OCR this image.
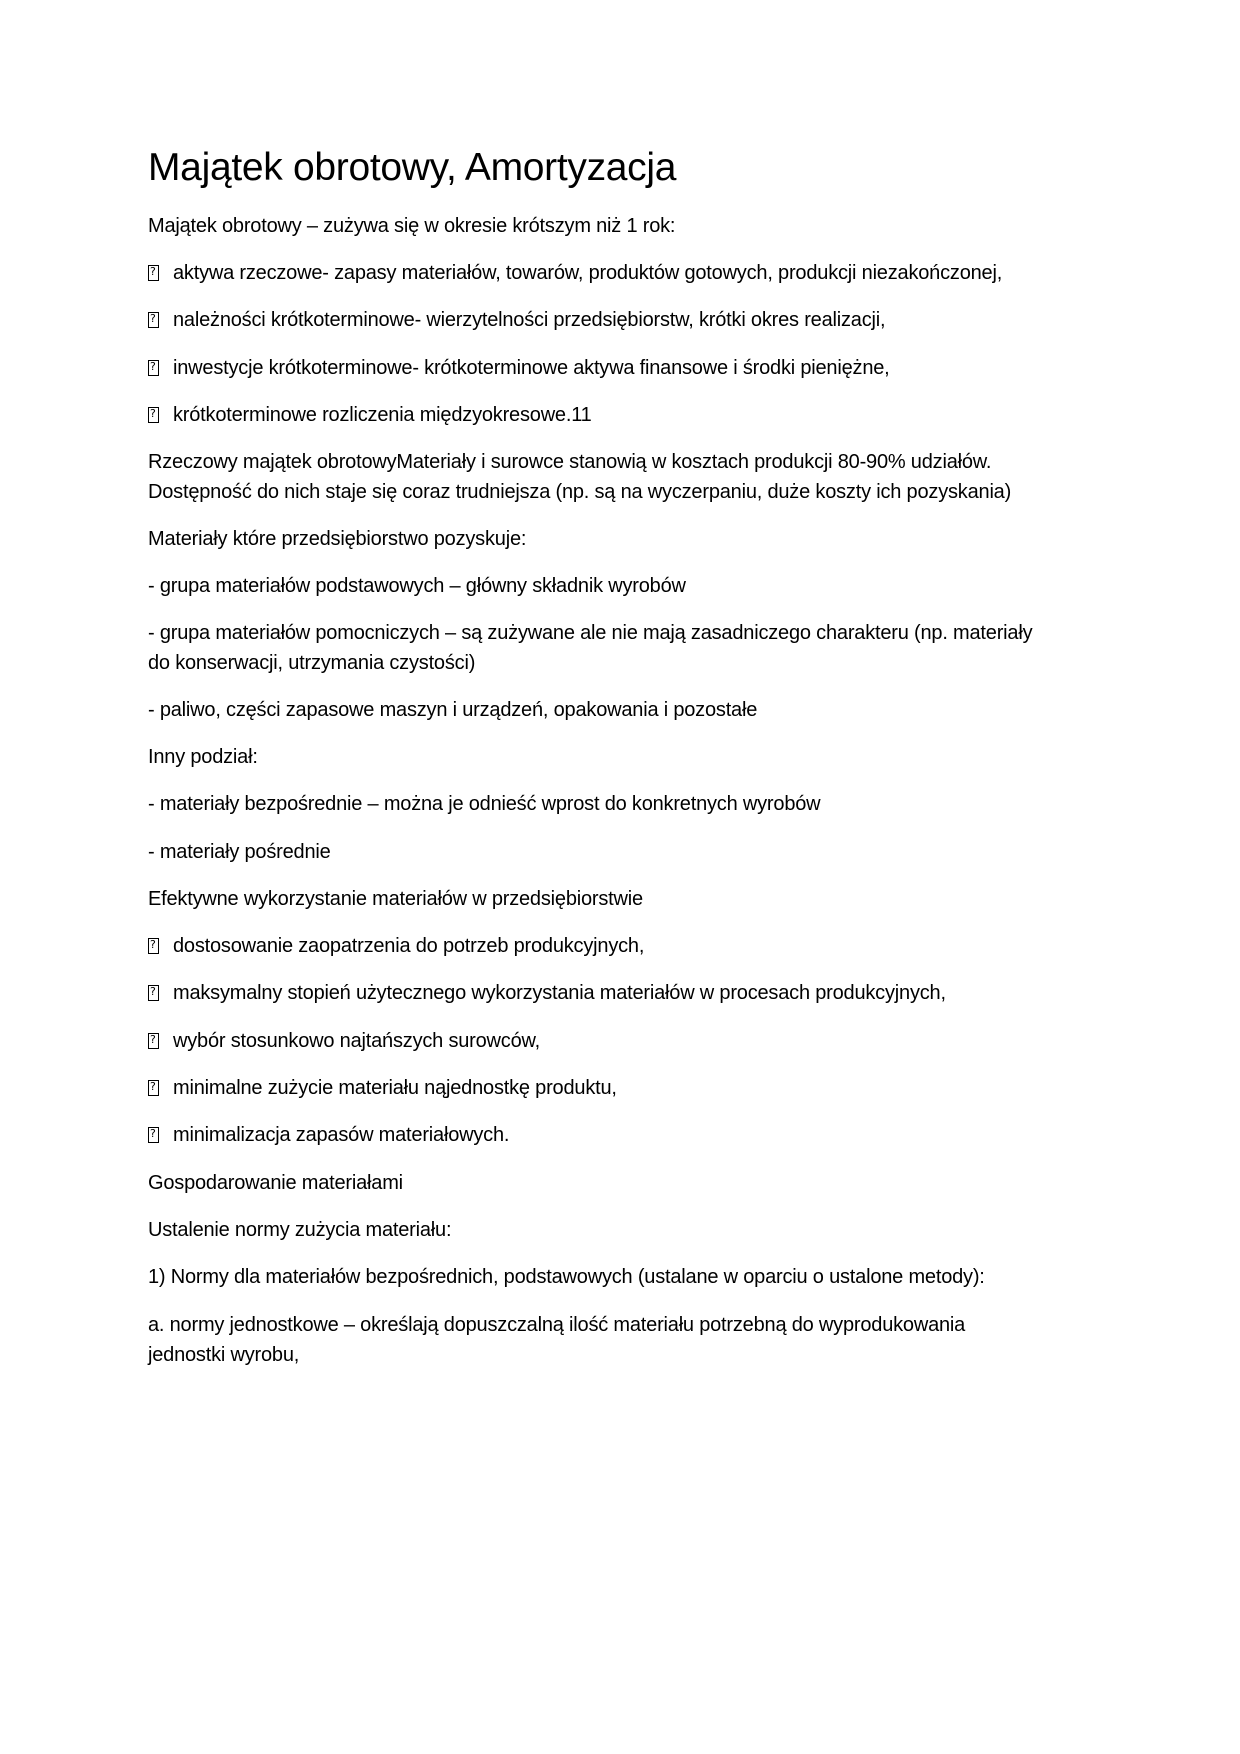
Majątek obrotowy, Amortyzacja
Majątek obrotowy – zużywa się w okresie krótszym niż 1 rok:
?aktywa rzeczowe- zapasy materiałów, towarów, produktów gotowych, produkcji niezakończonej,
?należności krótkoterminowe- wierzytelności przedsiębiorstw, krótki okres realizacji,
?inwestycje krótkoterminowe- krótkoterminowe aktywa finansowe i środki pieniężne,
?krótkoterminowe rozliczenia międzyokresowe.11
Rzeczowy majątek obrotowyMateriały i surowce stanowią w kosztach produkcji 80-90% udziałów.
Dostępność do nich staje się coraz trudniejsza (np. są na wyczerpaniu, duże koszty ich pozyskania)
Materiały które przedsiębiorstwo pozyskuje:
- grupa materiałów podstawowych – główny składnik wyrobów
- grupa materiałów pomocniczych – są zużywane ale nie mają zasadniczego charakteru (np. materiały
do konserwacji, utrzymania czystości)
- paliwo, części zapasowe maszyn i urządzeń, opakowania i pozostałe
Inny podział:
- materiały bezpośrednie – można je odnieść wprost do konkretnych wyrobów
- materiały pośrednie
Efektywne wykorzystanie materiałów w przedsiębiorstwie
?dostosowanie zaopatrzenia do potrzeb produkcyjnych,
?maksymalny stopień użytecznego wykorzystania materiałów w procesach produkcyjnych,
?wybór stosunkowo najtańszych surowców,
?minimalne zużycie materiału nąjednostkę produktu,
?minimalizacja zapasów materiałowych.
Gospodarowanie materiałami
Ustalenie normy zużycia materiału:
1) Normy dla materiałów bezpośrednich, podstawowych (ustalane w oparciu o ustalone metody):
a. normy jednostkowe – określają dopuszczalną ilość materiału potrzebną do wyprodukowania
jednostki wyrobu,
